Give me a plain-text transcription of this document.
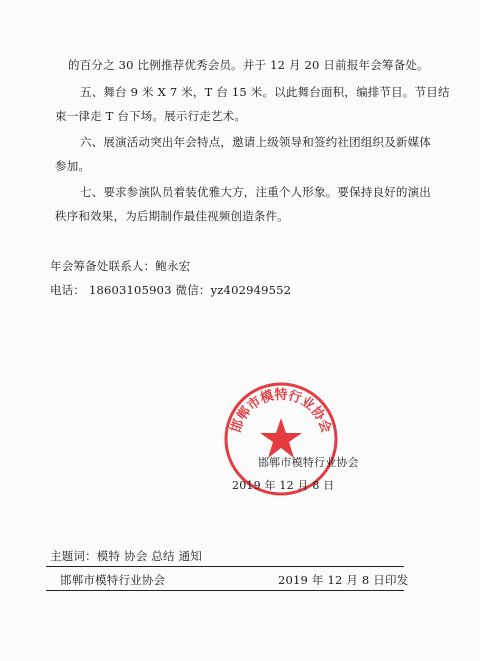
的百分之 30 比例推荐优秀会员。并于 12 月 20 日前报年会筹备处。
五、舞台 9 米 X 7 米，T 台 15 米。以此舞台面积，编排节目。节目结
束一律走 T 台下场。展示行走艺术。
六、展演活动突出年会特点，邀请上级领导和签约社团组织及新媒体
参加。
七、要求参演队员着装优雅大方，注重个人形象。要保持良好的演出
秩序和效果，为后期制作最佳视频创造条件。
年会筹备处联系人：鲍永宏
电话： 18603105903 微信：yz402949552
邯郸市模特行业协会
邯郸市模特行业协会
2019 年 12 月 8 日
主题词：模特 协会 总结 通知
邯郸市模特行业协会	2019 年 12 月 8 日印发
